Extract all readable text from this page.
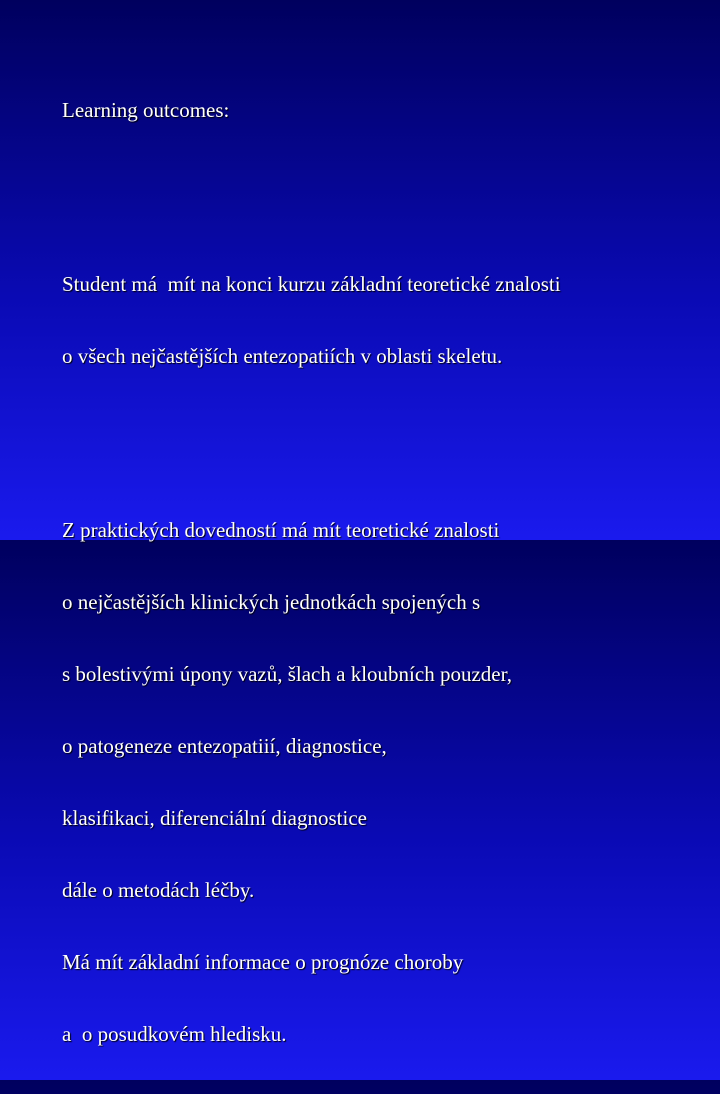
Learning outcomes:

Student má  mít na konci kurzu základní teoretické znalosti

o všech nejčastějších entezopatiích v oblasti skeletu.

Z praktických dovedností má mít teoretické znalosti

o nejčastějších klinických jednotkách spojených s

s bolestivými úpony vazů, šlach a kloubních pouzder,

o patogeneze entezopatiií, diagnostice,

klasifikaci, diferenciální diagnostice

dále o metodách léčby.

Má mít základní informace o prognóze choroby

a  o posudkovém hledisku.
